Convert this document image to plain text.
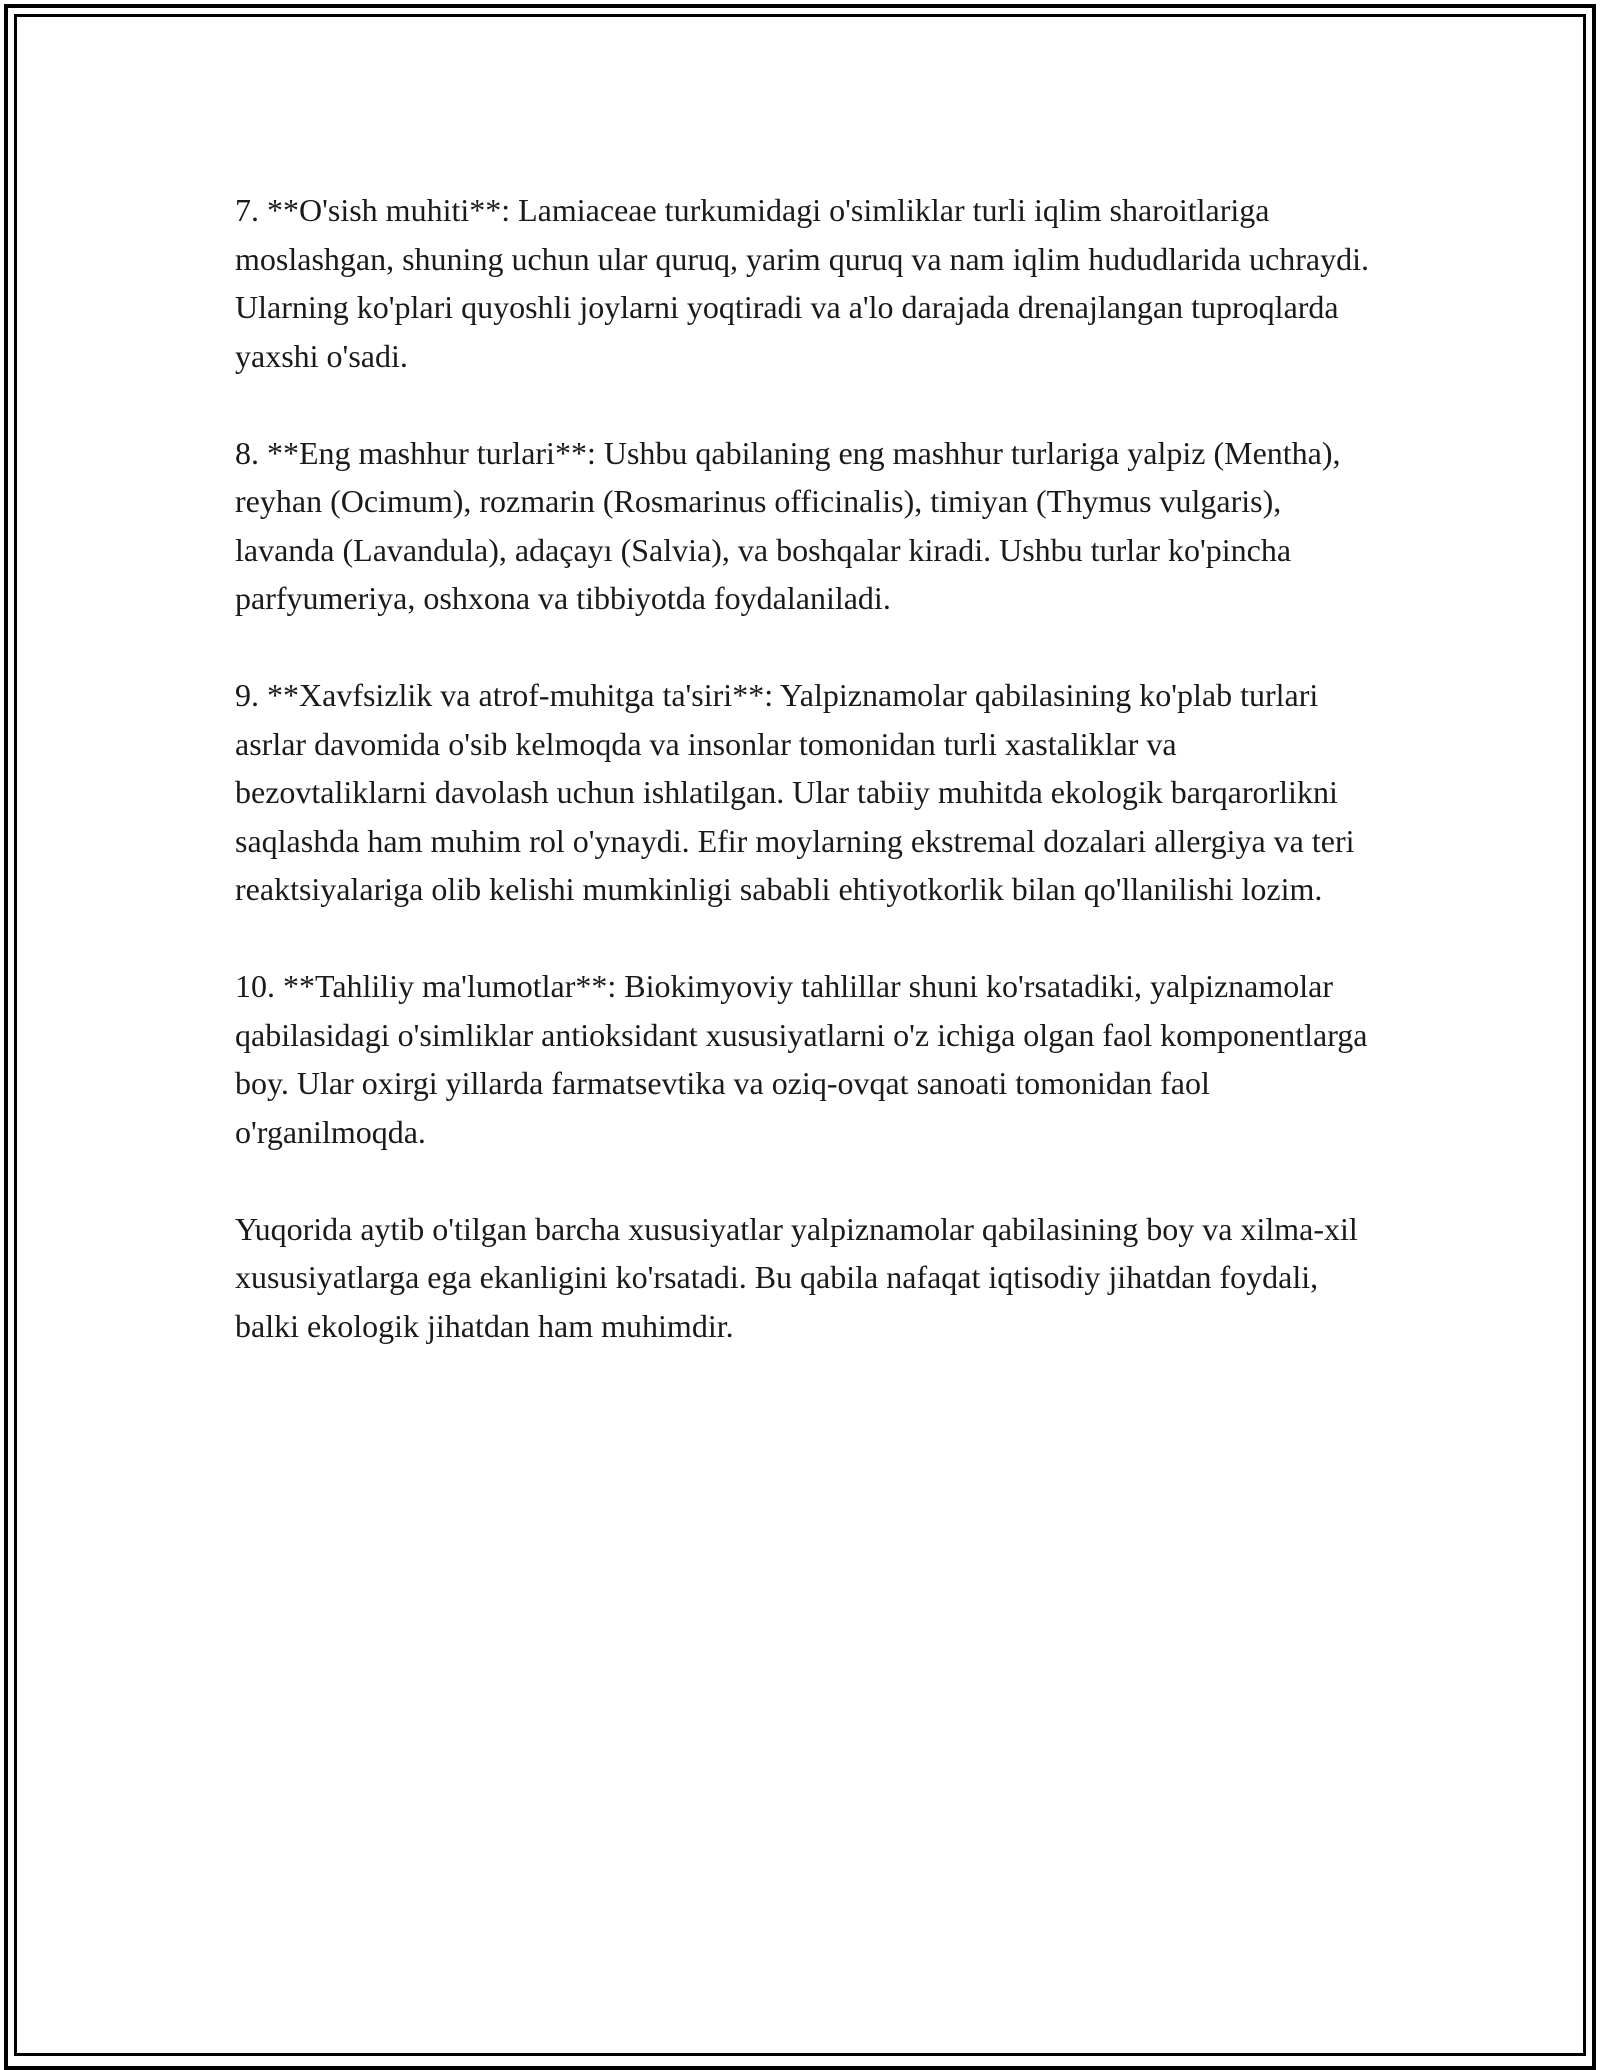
7. **O'sish muhiti**: Lamiaceae turkumidagi o'simliklar turli iqlim sharoitlariga moslashgan, shuning uchun ular quruq, yarim quruq va nam iqlim hududlarida uchraydi. Ularning ko'plari quyoshli joylarni yoqtiradi va a'lo darajada drenajlangan tuproqlarda yaxshi o'sadi.

8. **Eng mashhur turlari**: Ushbu qabilaning eng mashhur turlariga yalpiz (Mentha), reyhan (Ocimum), rozmarin (Rosmarinus officinalis), timiyan (Thymus vulgaris), lavanda (Lavandula), adaçayı (Salvia), va boshqalar kiradi. Ushbu turlar ko'pincha parfyumeriya, oshxona va tibbiyotda foydalaniladi.

9. **Xavfsizlik va atrof-muhitga ta'siri**: Yalpiznamolar qabilasining ko'plab turlari asrlar davomida o'sib kelmoqda va insonlar tomonidan turli xastaliklar va bezovtaliklarni davolash uchun ishlatilgan. Ular tabiiy muhitda ekologik barqarorlikni saqlashda ham muhim rol o'ynaydi. Efir moylarning ekstremal dozalari allergiya va teri reaktsiyalariga olib kelishi mumkinligi sababli ehtiyotkorlik bilan qo'llanilishi lozim.

10. **Tahliliy ma'lumotlar**: Biokimyoviy tahlillar shuni ko'rsatadiki, yalpiznamolar qabilasidagi o'simliklar antioksidant xususiyatlarni o'z ichiga olgan faol komponentlarga boy. Ular oxirgi yillarda farmatsevtika va oziq-ovqat sanoati tomonidan faol o'rganilmoqda.

Yuqorida aytib o'tilgan barcha xususiyatlar yalpiznamolar qabilasining boy va xilma-xil xususiyatlarga ega ekanligini ko'rsatadi. Bu qabila nafaqat iqtisodiy jihatdan foydali, balki ekologik jihatdan ham muhimdir.
